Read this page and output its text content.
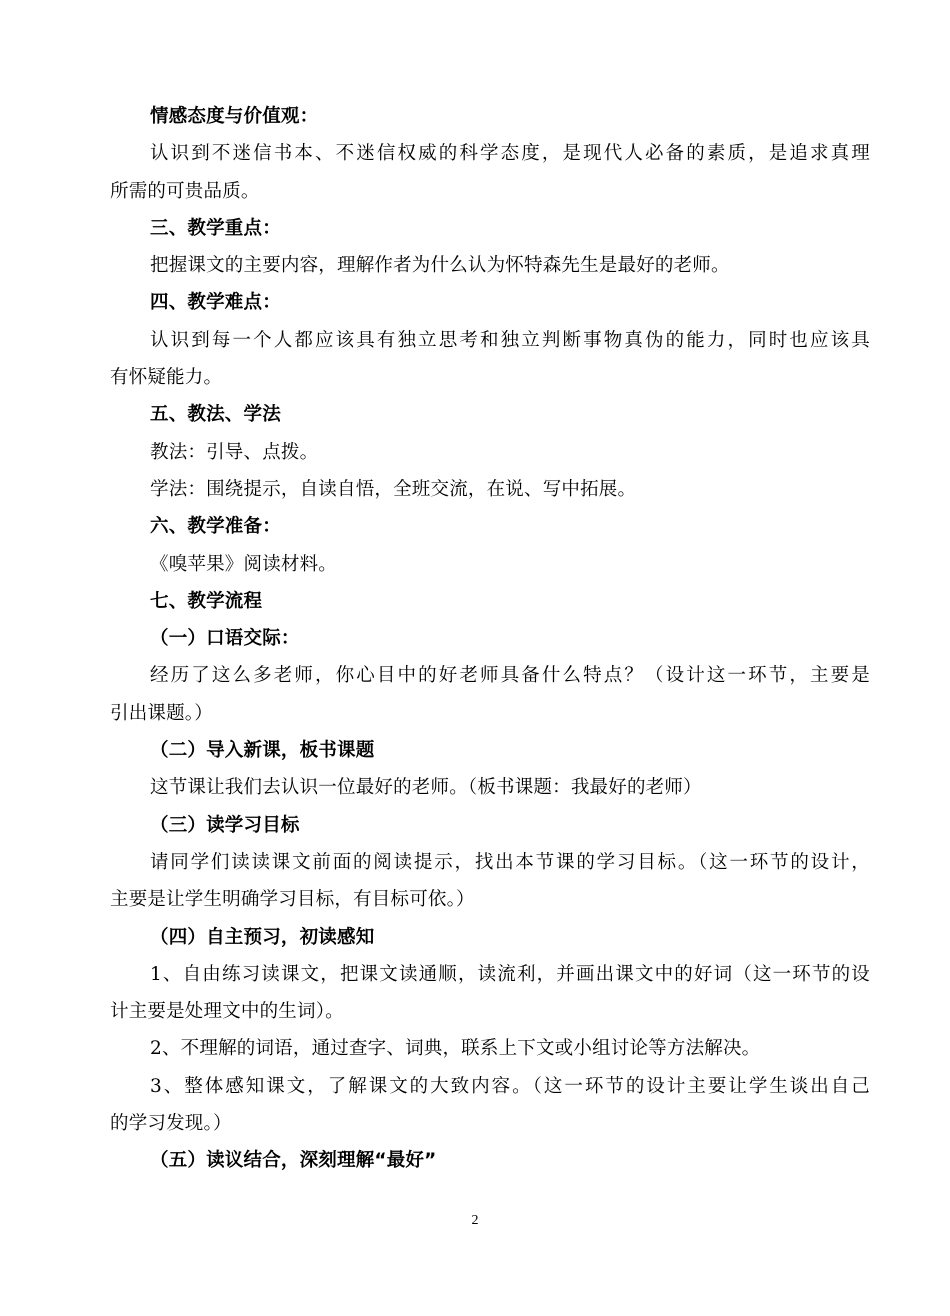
情感态度与价值观：
认识到不迷信书本、不迷信权威的科学态度，是现代人必备的素质，是追求真理
所需的可贵品质。
三、教学重点：
把握课文的主要内容，理解作者为什么认为怀特森先生是最好的老师。
四、教学难点：
认识到每一个人都应该具有独立思考和独立判断事物真伪的能力，同时也应该具
有怀疑能力。
五、教法、学法
教法：引导、点拨。
学法：围绕提示，自读自悟，全班交流，在说、写中拓展。
六、教学准备：
《嗅苹果》阅读材料。
七、教学流程
（一）口语交际：
经历了这么多老师，你心目中的好老师具备什么特点？（设计这一环节，主要是
引出课题。）
（二）导入新课，板书课题
这节课让我们去认识一位最好的老师。（板书课题：我最好的老师）
（三）读学习目标
请同学们读读课文前面的阅读提示，找出本节课的学习目标。（这一环节的设计，
主要是让学生明确学习目标，有目标可依。）
（四）自主预习，初读感知
1、自由练习读课文，把课文读通顺，读流利，并画出课文中的好词（这一环节的设
计主要是处理文中的生词）。
2、不理解的词语，通过查字、词典，联系上下文或小组讨论等方法解决。
3、整体感知课文，了解课文的大致内容。（这一环节的设计主要让学生谈出自己
的学习发现。）
（五）读议结合，深刻理解“最好”
2
